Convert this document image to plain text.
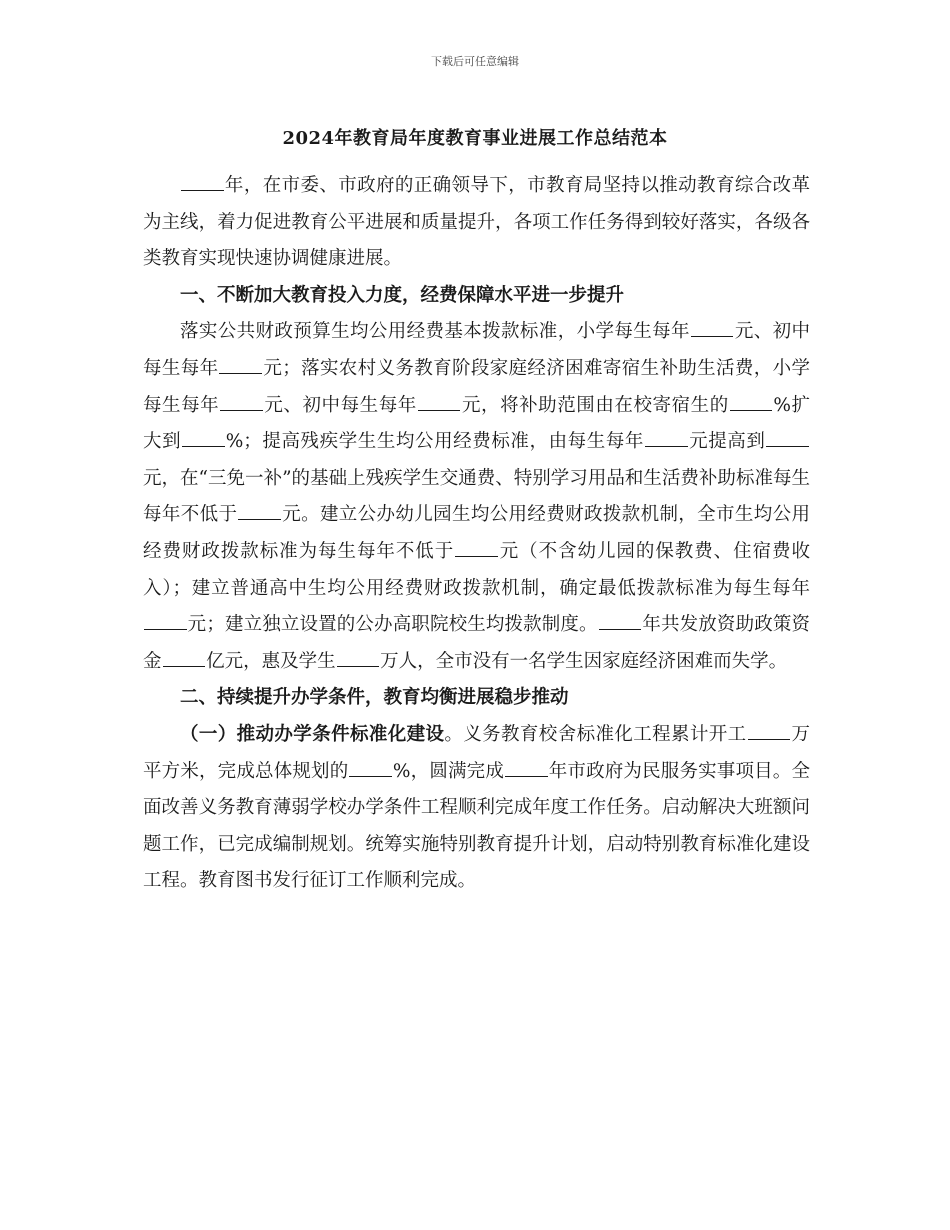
下载后可任意编辑
2024年教育局年度教育事业进展工作总结范本

年，在市委、市政府的正确领导下，市教育局坚持以推动教育综合改革为主线，着力促进教育公平进展和质量提升，各项工作任务得到较好落实，各级各类教育实现快速协调健康进展。

一、不断加大教育投入力度，经费保障水平进一步提升

落实公共财政预算生均公用经费基本拨款标准，小学每生每年 元、初中每生每年 元；落实农村义务教育阶段家庭经济困难寄宿生补助生活费，小学每生每年 元、初中每生每年 元，将补助范围由在校寄宿生的 %扩大到 %；提高残疾学生生均公用经费标准，由每生每年 元提高到元，在“三免一补”的基础上残疾学生交通费、特别学习用品和生活费补助标准每生每年不低于 元。建立公办幼儿园生均公用经费财政拨款机制，全市生均公用经费财政拨款标准为每生每年不低于 元（不含幼儿园的保教费、住宿费收入）；建立普通高中生均公用经费财政拨款机制，确定最低拨款标准为每生每年元；建立独立设置的公办高职院校生均拨款制度。 年共发放资助政策资金 亿元，惠及学生 万人，全市没有一名学生因家庭经济困难而失学。

二、持续提升办学条件，教育均衡进展稳步推动

（一）推动办学条件标准化建设。义务教育校舍标准化工程累计开工 万平方米，完成总体规划的 %，圆满完成 年市政府为民服务实事项目。全面改善义务教育薄弱学校办学条件工程顺利完成年度工作任务。启动解决大班额问题工作，已完成编制规划。统筹实施特别教育提升计划，启动特别教育标准化建设工程。教育图书发行征订工作顺利完成。
